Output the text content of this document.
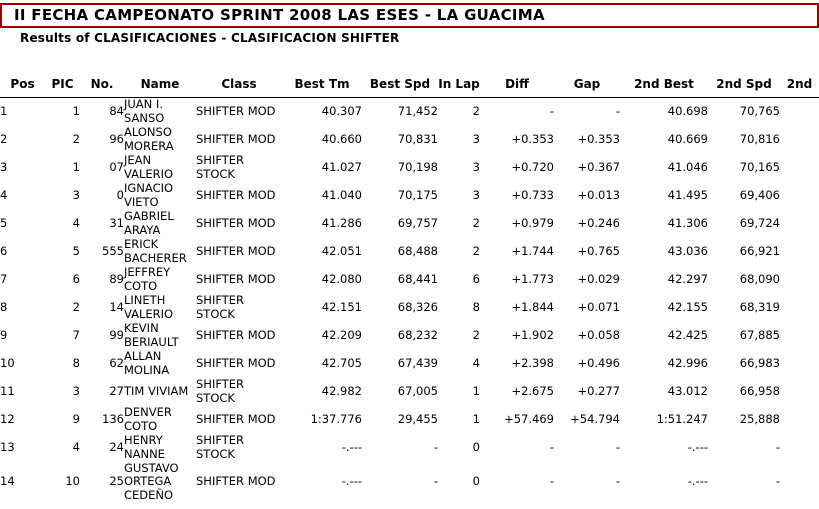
II FECHA CAMPEONATO SPRINT 2008 LAS ESES - LA GUACIMA
Results of CLASIFICACIONES - CLASIFICACION SHIFTER
Pos	PIC	No.	Name	Class	Best Tm	Best Spd	In Lap	Diff	Gap	2nd Best	2nd Spd	2nd
1	1	84	JUAN I. SANSO	SHIFTER MOD	40.307	71,452	2	-	-	40.698	70,765	
2	2	96	ALONSO MORERA	SHIFTER MOD	40.660	70,831	3	+0.353	+0.353	40.669	70,816	
3	1	07	JEAN VALERIO	SHIFTER STOCK	41.027	70,198	3	+0.720	+0.367	41.046	70,165	
4	3	0	IGNACIO VIETO	SHIFTER MOD	41.040	70,175	3	+0.733	+0.013	41.495	69,406	
5	4	31	GABRIEL ARAYA	SHIFTER MOD	41.286	69,757	2	+0.979	+0.246	41.306	69,724	
6	5	555	ERICK BACHERER	SHIFTER MOD	42.051	68,488	2	+1.744	+0.765	43.036	66,921	
7	6	89	JEFFREY COTO	SHIFTER MOD	42.080	68,441	6	+1.773	+0.029	42.297	68,090	
8	2	14	LINETH VALERIO	SHIFTER STOCK	42.151	68,326	8	+1.844	+0.071	42.155	68,319	
9	7	99	KEVIN BERIAULT	SHIFTER MOD	42.209	68,232	2	+1.902	+0.058	42.425	67,885	
10	8	62	ALLAN MOLINA	SHIFTER MOD	42.705	67,439	4	+2.398	+0.496	42.996	66,983	
11	3	27	TIM VIVIAM	SHIFTER STOCK	42.982	67,005	1	+2.675	+0.277	43.012	66,958	
12	9	136	DENVER COTO	SHIFTER MOD	1:37.776	29,455	1	+57.469	+54.794	1:51.247	25,888	
13	4	24	HENRY NANNE	SHIFTER STOCK	-.---	-	0	-	-	-.---	-	
14	10	25	GUSTAVO ORTEGA CEDEÑO	SHIFTER MOD	-.---	-	0	-	-	-.---	-	
